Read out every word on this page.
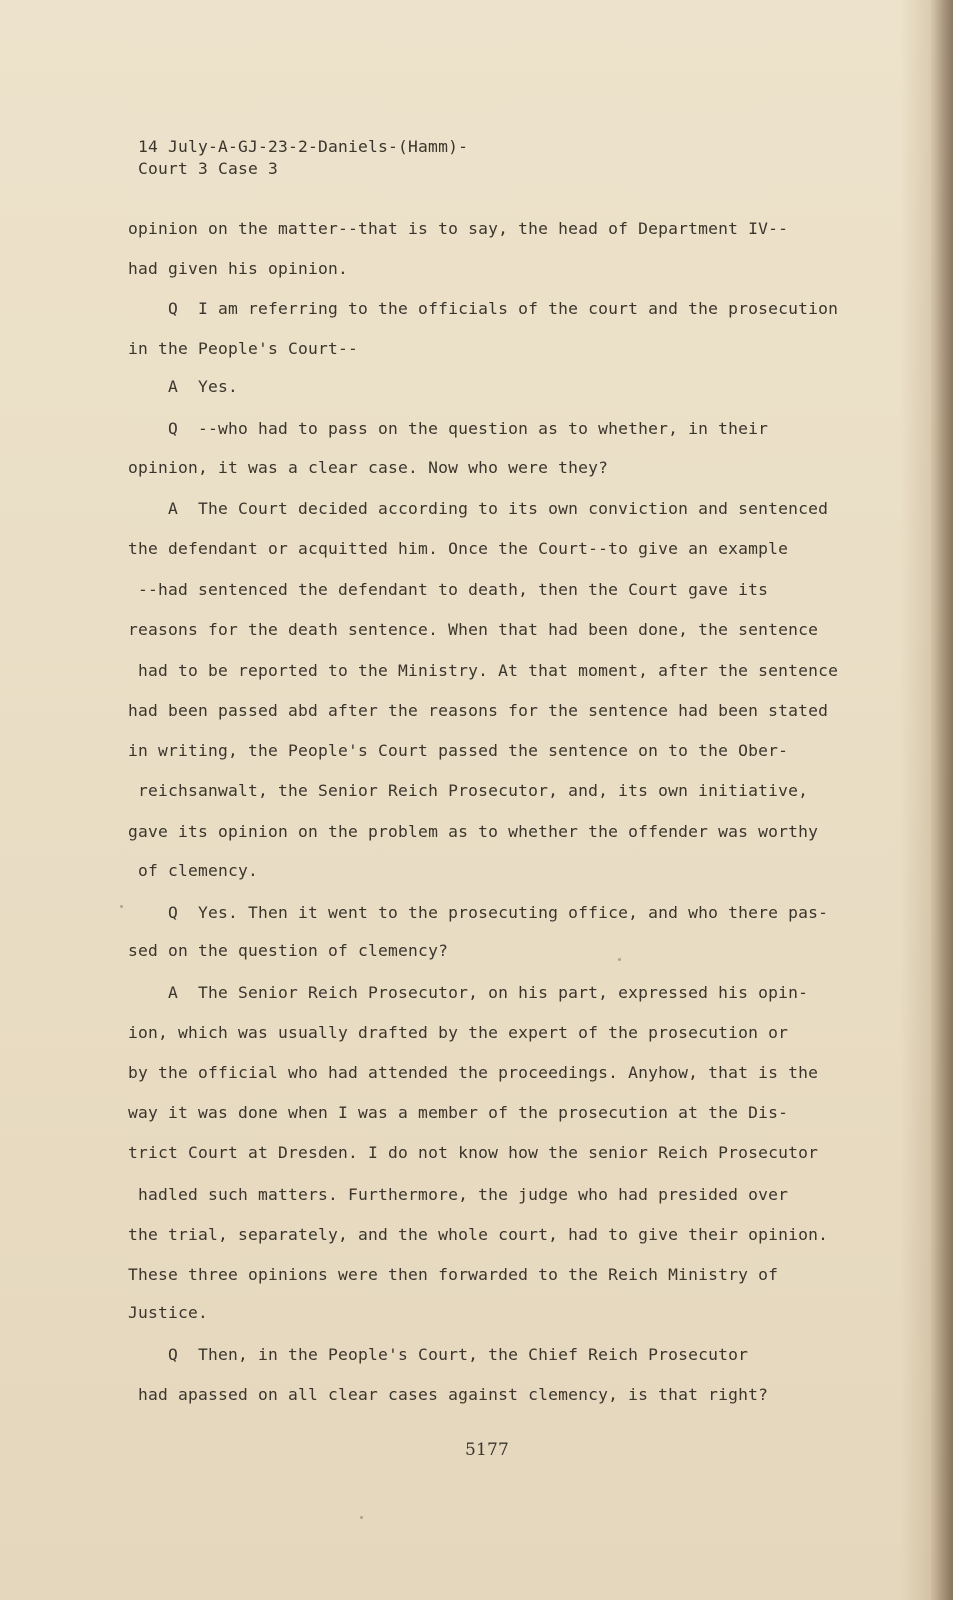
14 July-A-GJ-23-2-Daniels-(Hamm)-
Court 3 Case 3
opinion on the matter--that is to say, the head of Department IV--
had given his opinion.
Q  I am referring to the officials of the court and the prosecution
in the People's Court--
A  Yes.
Q  --who had to pass on the question as to whether, in their
opinion, it was a clear case. Now who were they?
A  The Court decided according to its own conviction and sentenced
the defendant or acquitted him. Once the Court--to give an example
--had sentenced the defendant to death, then the Court gave its
reasons for the death sentence. When that had been done, the sentence
had to be reported to the Ministry. At that moment, after the sentence
had been passed abd after the reasons for the sentence had been stated
in writing, the People's Court passed the sentence on to the Ober-
reichsanwalt, the Senior Reich Prosecutor, and, its own initiative,
gave its opinion on the problem as to whether the offender was worthy
of clemency.
Q  Yes. Then it went to the prosecuting office, and who there pas-
sed on the question of clemency?
A  The Senior Reich Prosecutor, on his part, expressed his opin-
ion, which was usually drafted by the expert of the prosecution or
by the official who had attended the proceedings. Anyhow, that is the
way it was done when I was a member of the prosecution at the Dis-
trict Court at Dresden. I do not know how the senior Reich Prosecutor
hadled such matters. Furthermore, the judge who had presided over
the trial, separately, and the whole court, had to give their opinion.
These three opinions were then forwarded to the Reich Ministry of
Justice.
Q  Then, in the People's Court, the Chief Reich Prosecutor
had apassed on all clear cases against clemency, is that right?
5177
